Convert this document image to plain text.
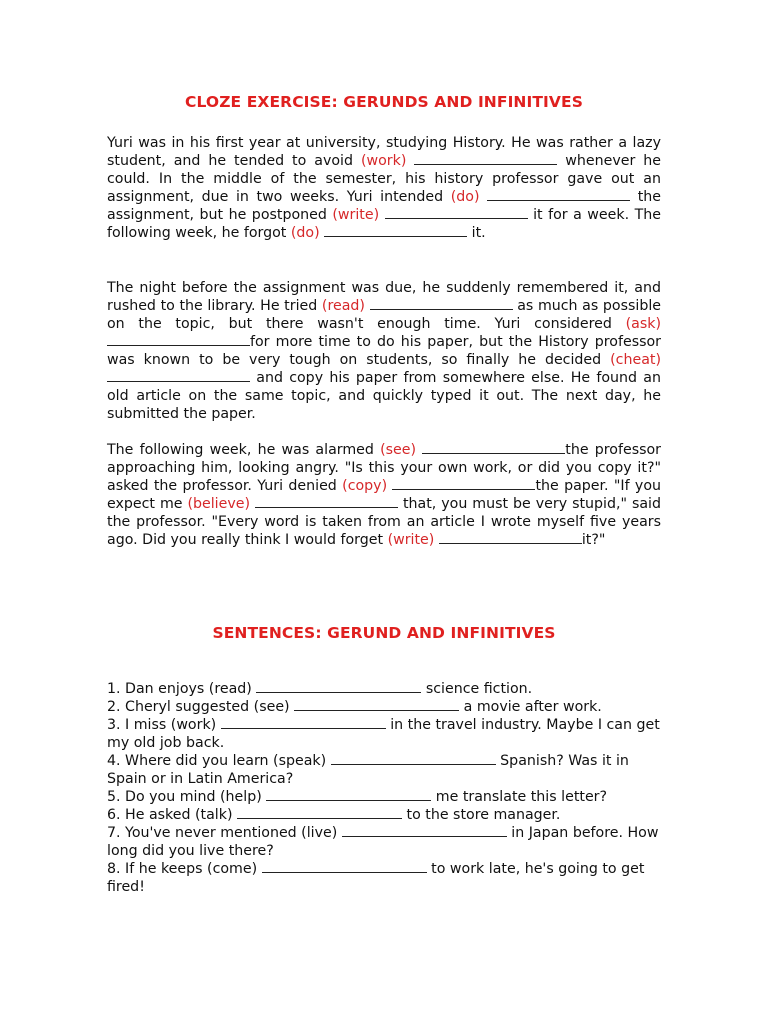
CLOZE EXERCISE: GERUNDS AND INFINITIVES

Yuri was in his first year at university, studying History. He was rather a lazy student, and he tended to avoid (work)	whenever he could. In the middle of the semester, his history professor gave out an assignment, due in two weeks. Yuri intended (do)	the assignment, but he postponed (write)	it for a week. The following week, he forgot (do)	it.

The night before the assignment was due, he suddenly remembered it, and rushed to the library. He tried (read)	as much as possible on the topic, but there wasn't enough time. Yuri considered (ask) for more time to do his paper, but the History professor was known to be very tough on students, so finally he decided (cheat)  and copy his paper from somewhere else. He found an old article on the same topic, and quickly typed it out. The next day, he submitted the paper.

The following week, he was alarmed (see)	the professor approaching him, looking angry. "Is this your own work, or did you copy it?" asked the professor. Yuri denied (copy)	the paper. "If you expect me (believe)	that, you must be very stupid," said the professor. "Every word is taken from an article I wrote myself five years ago. Did you really think I would forget (write)	it?"

SENTENCES: GERUND AND INFINITIVES
1. Dan enjoys (read)	science fiction.
2. Cheryl suggested (see)	a movie after work.
3. I miss (work)	in the travel industry. Maybe I can get my old job back.
4. Where did you learn (speak)	Spanish? Was it in Spain or in Latin America?
5. Do you mind (help)	me translate this letter?
6. He asked (talk)	to the store manager.
7. You've never mentioned (live)	in Japan before. How long did you live there?
8. If he keeps (come)	to work late, he's going to get fired!
